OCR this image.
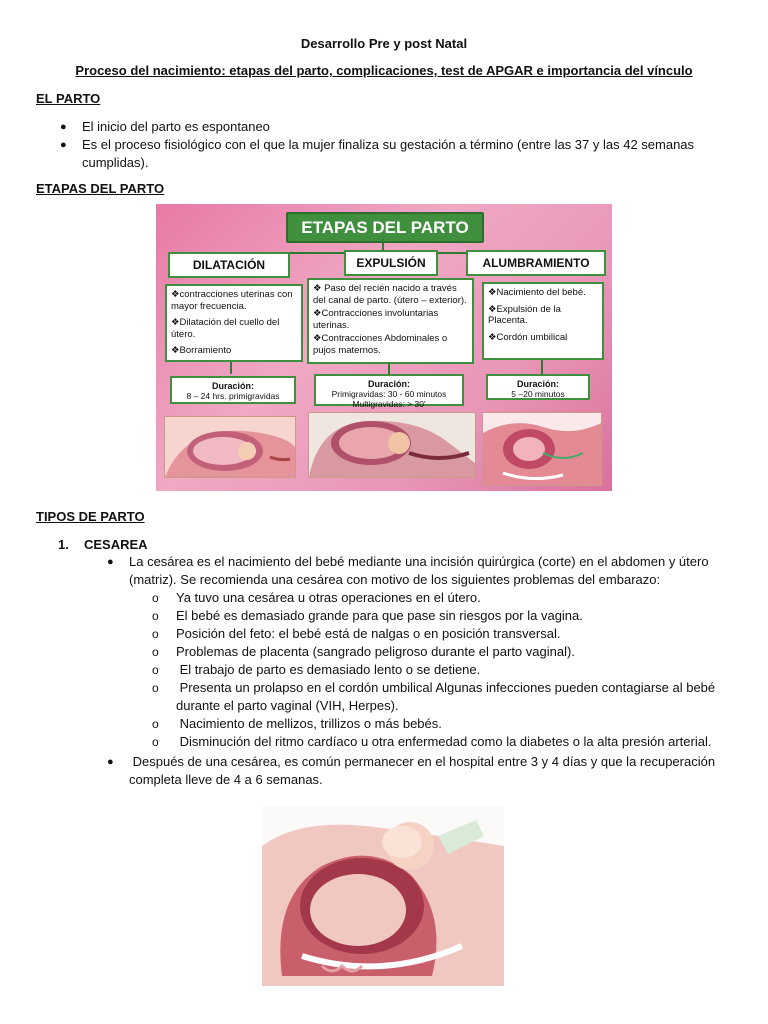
Desarrollo Pre y post Natal
Proceso del nacimiento: etapas del parto, complicaciones, test de APGAR e importancia del vínculo
EL PARTO
● El inicio del parto es espontaneo
● Es el proceso fisiológico con el que la mujer finaliza su gestación a término (entre las 37 y las 42 semanas
cumplidas).
ETAPAS DEL PARTO
ETAPAS DEL PARTO
DILATACIÓN	EXPULSIÓN	ALUMBRAMIENTO

❖contracciones uterinas con mayor frecuencia.

❖Dilatación del cuello del útero.

❖Borramiento

❖ Paso del recién nacido a través del canal de parto. (útero – exterior).

❖Contracciones involuntarias uterinas.

❖Contracciones Abdominales o pujos maternos.

❖Nacimiento del bebé.

❖Expulsión de la Placenta.

❖Cordón umbilical

Duración:
8 – 24 hrs. primigravidas
Duración:
Primigravidas: 30 - 60 minutos
Multigravidas: > 30'
Duración:
5 –20 minutos
TIPOS DE PARTO
1. CESAREA
● La cesárea es el nacimiento del bebé mediante una incisión quirúrgica (corte) en el abdomen y útero
(matriz). Se recomienda una cesárea con motivo de los siguientes problemas del embarazo:
o Ya tuvo una cesárea u otras operaciones en el útero.
o El bebé es demasiado grande para que pase sin riesgos por la vagina.
o Posición del feto: el bebé está de nalgas o en posición transversal.
o Problemas de placenta (sangrado peligroso durante el parto vaginal).
o El trabajo de parto es demasiado lento o se detiene.
o Presenta un prolapso en el cordón umbilical Algunas infecciones pueden contagiarse al bebé
durante el parto vaginal (VIH, Herpes).
o Nacimiento de mellizos, trillizos o más bebés.
o Disminución del ritmo cardíaco u otra enfermedad como la diabetes o la alta presión arterial.
● Después de una cesárea, es común permanecer en el hospital entre 3 y 4 días y que la recuperación
completa lleve de 4 a 6 semanas.
